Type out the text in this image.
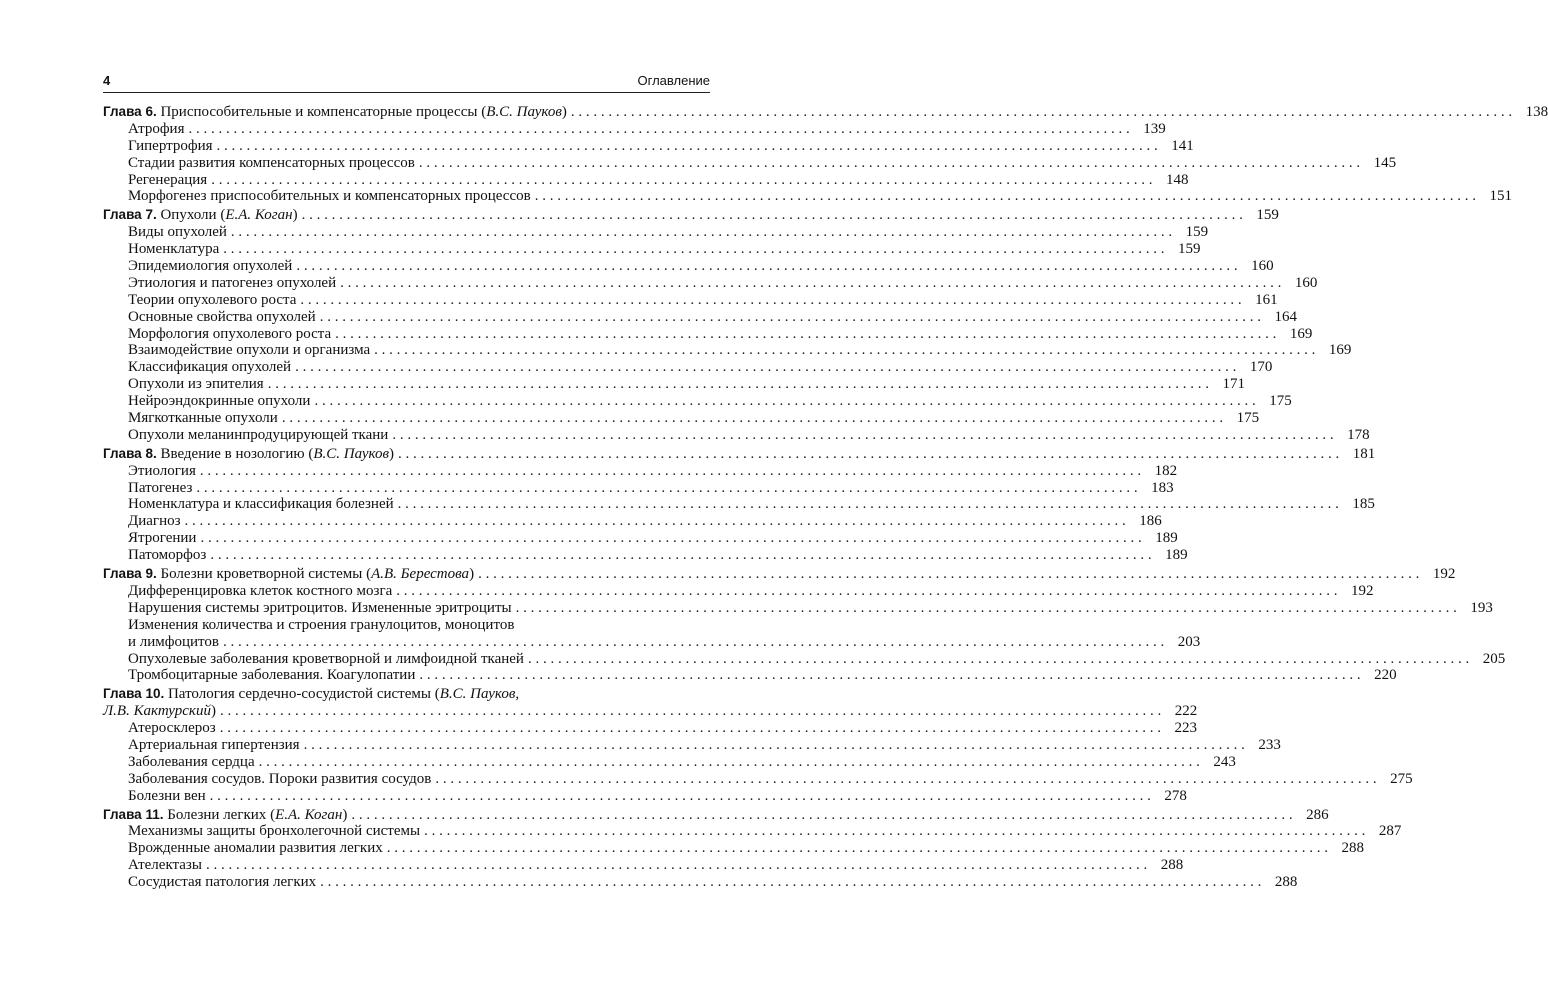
4	Оглавление
Глава 6. Приспособительные и компенсаторные процессы (В.С. Пауков) . . .	138
Атрофия . . .	139
Гипертрофия . . .	141
Стадии развития компенсаторных процессов . . .	145
Регенерация . . .	148
Морфогенез приспособительных и компенсаторных процессов . . .	151
Глава 7. Опухоли (Е.А. Коган) . . .	159
Виды опухолей . . .	159
Номенклатура . . .	159
Эпидемиология опухолей . . .	160
Этиология и патогенез опухолей . . .	160
Теории опухолевого роста . . .	161
Основные свойства опухолей . . .	164
Морфология опухолевого роста . . .	169
Взаимодействие опухоли и организма . . .	169
Классификация опухолей . . .	170
Опухоли из эпителия . . .	171
Нейроэндокринные опухоли . . .	175
Мягкотканные опухоли . . .	175
Опухоли меланинпродуцирующей ткани . . .	178
Глава 8. Введение в нозологию (В.С. Пауков) . . .	181
Этиология . . .	182
Патогенез . . .	183
Номенклатура и классификация болезней . . .	185
Диагноз . . .	186
Ятрогении . . .	189
Патоморфоз . . .	189
Глава 9. Болезни кроветворной системы (А.В. Берестова) . . .	192
Дифференцировка клеток костного мозга . . .	192
Нарушения системы эритроцитов. Измененные эритроциты . . .	193
Изменения количества и строения гранулоцитов, моноцитов
и лимфоцитов . . .	203
Опухолевые заболевания кроветворной и лимфоидной тканей . . .	205
Тромбоцитарные заболевания. Коагулопатии . . .	220
Глава 10. Патология сердечно-сосудистой системы (В.С. Пауков,
Л.В. Кактурский) . . .	222
Атеросклероз . . .	223
Артериальная гипертензия . . .	233
Заболевания сердца . . .	243
Заболевания сосудов. Пороки развития сосудов . . .	275
Болезни вен . . .	278
Глава 11. Болезни легких (Е.А. Коган) . . .	286
Механизмы защиты бронхолегочной системы . . .	287
Врожденные аномалии развития легких . . .	288
Ателектазы . . .	288
Сосудистая патология легких . . .	288
